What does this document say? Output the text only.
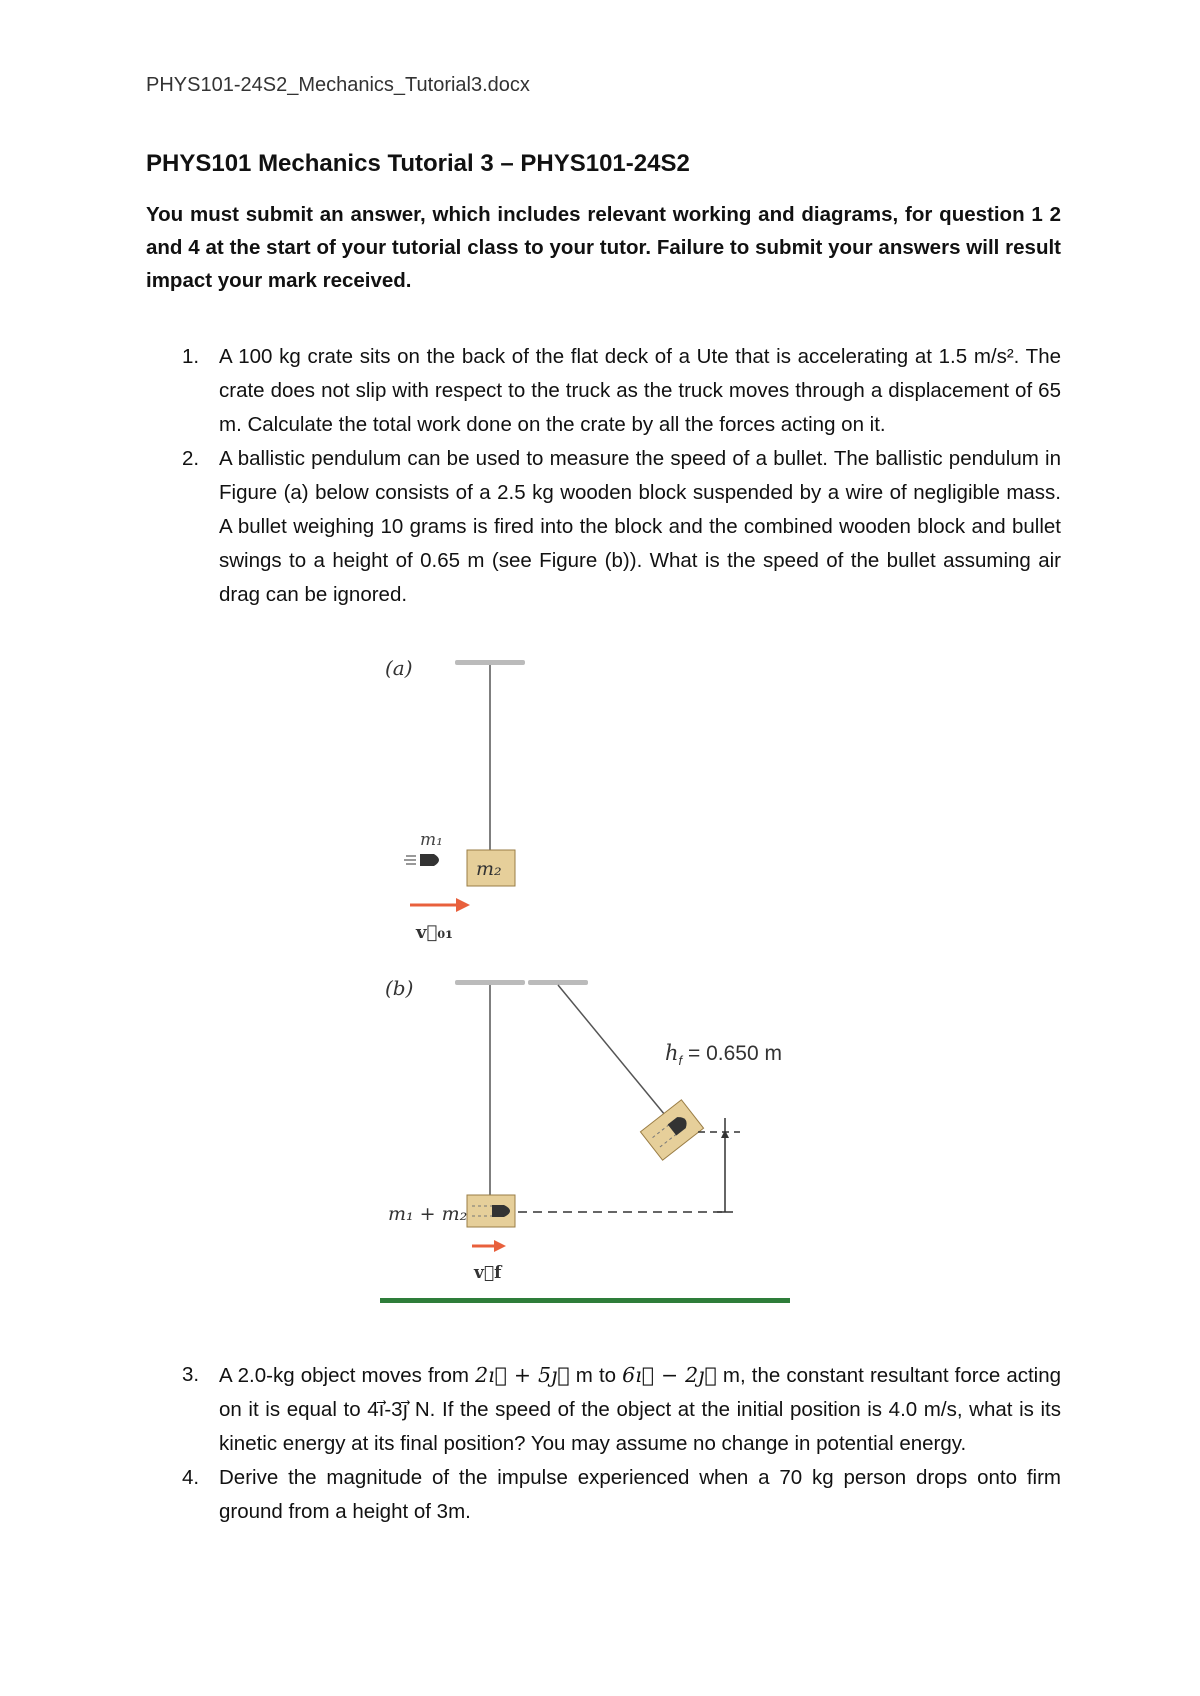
PHYS101-24S2_Mechanics_Tutorial3.docx
PHYS101 Mechanics Tutorial 3 – PHYS101-24S2

You must submit an answer, which includes relevant working and diagrams, for question 1 2 and 4 at the start of your tutorial class to your tutor. Failure to submit your answers will result impact your mark received.

1. A 100 kg crate sits on the back of the flat deck of a Ute that is accelerating at 1.5 m/s². The crate does not slip with respect to the truck as the truck moves through a displacement of 65 m. Calculate the total work done on the crate by all the forces acting on it.
2. A ballistic pendulum can be used to measure the speed of a bullet. The ballistic pendulum in Figure (a) below consists of a 2.5 kg wooden block suspended by a wire of negligible mass. A bullet weighing 10 grams is fired into the block and the combined wooden block and bullet swings to a height of 0.65 m (see Figure (b)). What is the speed of the bullet assuming air drag can be ignored.
(a)
m₂
m₁
v⃗₀₁
(b)
m₁ + m₂
$h_f = 0.650$ m
v⃗f
3. A 2.0-kg object moves from 2ı⃗ + 5ȷ⃗ m to 6ı⃗ − 2ȷ⃗ m, the constant resultant force acting on it is equal to 4i⃗-3j⃗ N. If the speed of the object at the initial position is 4.0 m/s, what is its kinetic energy at its final position? You may assume no change in potential energy.
4. Derive the magnitude of the impulse experienced when a 70 kg person drops onto firm ground from a height of 3m.
